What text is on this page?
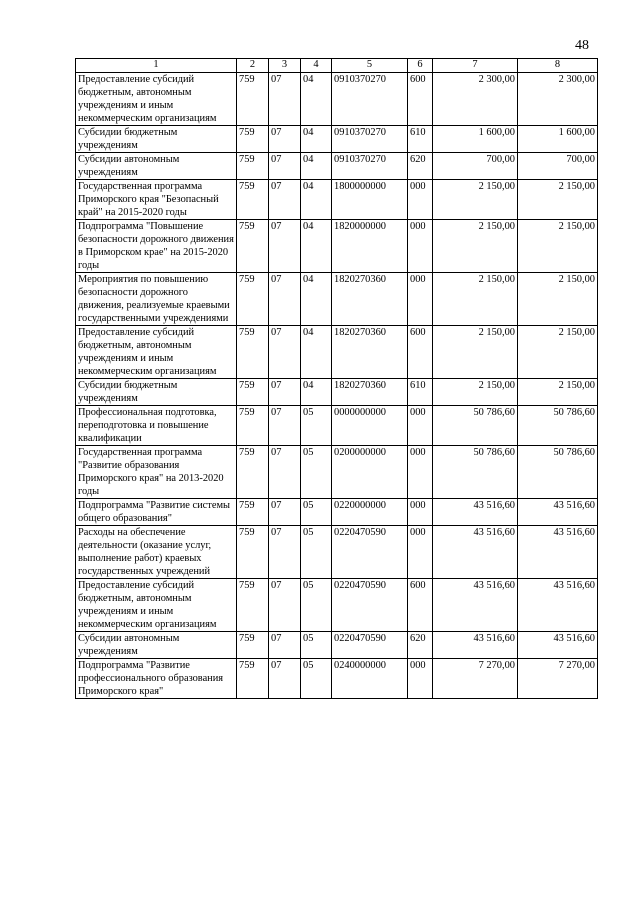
48
1	2	3	4	5	6	7	8
Предоставление субсидий бюджетным, автономным учреждениям и иным некоммерческим организациям	759	07	04	0910370270	600	2 300,00	2 300,00
Субсидии бюджетным учреждениям	759	07	04	0910370270	610	1 600,00	1 600,00
Субсидии автономным учреждениям	759	07	04	0910370270	620	700,00	700,00
Государственная программа Приморского края "Безопасный край" на 2015-2020 годы	759	07	04	1800000000	000	2 150,00	2 150,00
Подпрограмма "Повышение безопасности дорожного движения в Приморском крае" на 2015-2020 годы	759	07	04	1820000000	000	2 150,00	2 150,00
Мероприятия по повышению безопасности дорожного движения, реализуемые краевыми государственными учреждениями	759	07	04	1820270360	000	2 150,00	2 150,00
Предоставление субсидий бюджетным, автономным учреждениям и иным некоммерческим организациям	759	07	04	1820270360	600	2 150,00	2 150,00
Субсидии бюджетным учреждениям	759	07	04	1820270360	610	2 150,00	2 150,00
Профессиональная подготовка, переподготовка и повышение квалификации	759	07	05	0000000000	000	50 786,60	50 786,60
Государственная программа "Развитие образования Приморского края" на 2013-2020 годы	759	07	05	0200000000	000	50 786,60	50 786,60
Подпрограмма "Развитие системы общего образования"	759	07	05	0220000000	000	43 516,60	43 516,60
Расходы на обеспечение деятельности (оказание услуг, выполнение работ) краевых государственных учреждений	759	07	05	0220470590	000	43 516,60	43 516,60
Предоставление субсидий бюджетным, автономным учреждениям и иным некоммерческим организациям	759	07	05	0220470590	600	43 516,60	43 516,60
Субсидии автономным учреждениям	759	07	05	0220470590	620	43 516,60	43 516,60
Подпрограмма "Развитие профессионального образования Приморского края"	759	07	05	0240000000	000	7 270,00	7 270,00
